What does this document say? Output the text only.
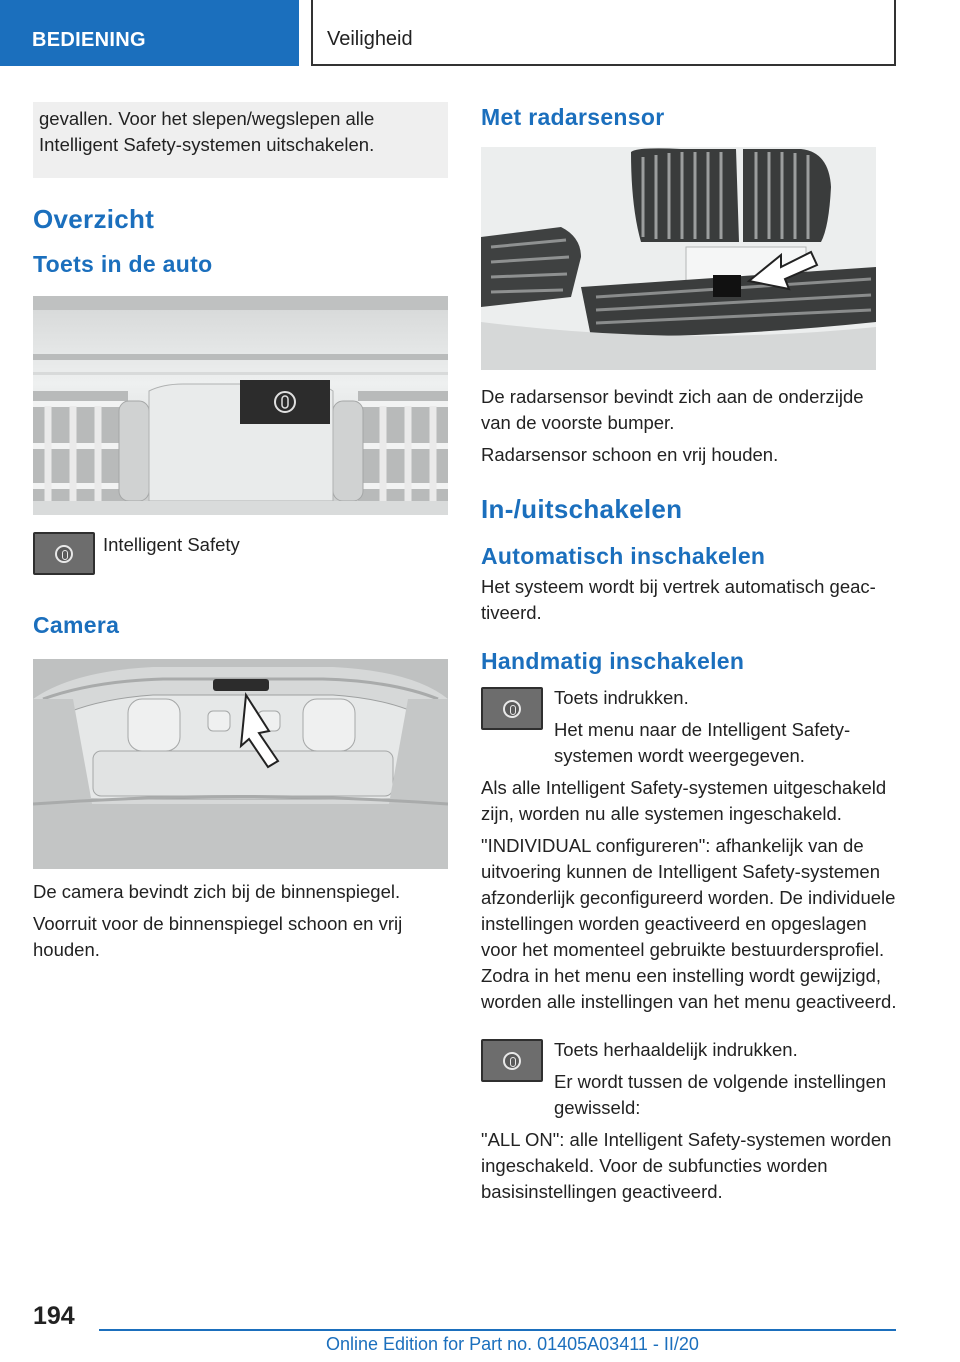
BEDIENING	Veiligheid

gevallen. Voor het slepen/wegslepen alle Intelligent Safety-systemen uitschakelen.

Overzicht
Toets in de auto

Intelligent Safety

Camera

De camera bevindt zich bij de binnenspiegel.

Voorruit voor de binnenspiegel schoon en vrij houden.

Met radarsensor

De radarsensor bevindt zich aan de onderzijde van de voorste bumper.

Radarsensor schoon en vrij houden.

In-/uitschakelen
Automatisch inschakelen

Het systeem wordt bij vertrek automatisch geactiveerd.

Handmatig inschakelen

Toets indrukken.

Het menu naar de Intelligent Safety-systemen wordt weergegeven.

Als alle Intelligent Safety-systemen uitgeschakeld zijn, worden nu alle systemen ingeschakeld.

"INDIVIDUAL configureren": afhankelijk van de uitvoering kunnen de Intelligent Safety-systemen afzonderlijk geconfigureerd worden. De individuele instellingen worden geactiveerd en opgeslagen voor het momenteel gebruikte bestuurdersprofiel. Zodra in het menu een instelling wordt gewijzigd, worden alle instellingen van het menu geactiveerd.

Toets herhaaldelijk indrukken.

Er wordt tussen de volgende instellingen gewisseld:

"ALL ON": alle Intelligent Safety-systemen worden ingeschakeld. Voor de subfuncties worden basisinstellingen geactiveerd.

194
Online Edition for Part no. 01405A03411 - II/20
